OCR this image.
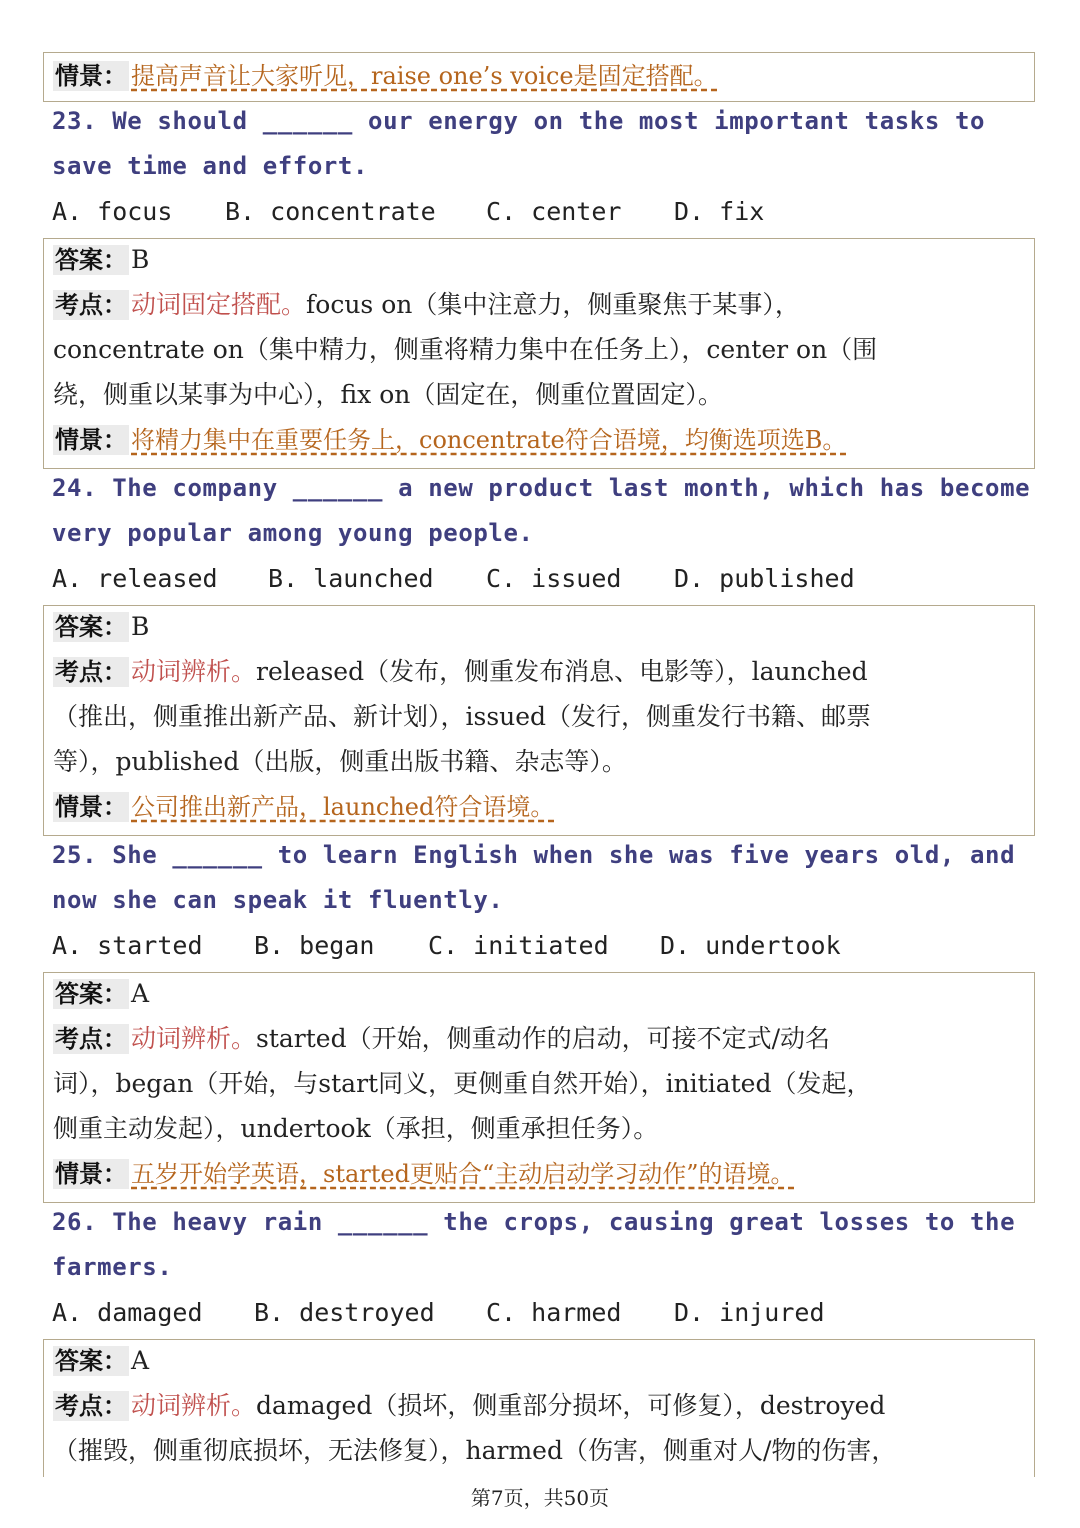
情景： 提高声音让大家听见，raise one’s voice是固定搭配。
23. We should ______ our energy on the most important tasks to
save time and effort.
A. focus B. concentrate C. center D. fix
答案： B
考点： 动词固定搭配。focus on（集中注意力，侧重聚焦于某事），
concentrate on（集中精力，侧重将精力集中在任务上），center on（围
绕，侧重以某事为中心），fix on（固定在，侧重位置固定）。
情景： 将精力集中在重要任务上，concentrate符合语境，均衡选项选B。
24. The company ______ a new product last month, which has become
very popular among young people.
A. released B. launched C. issued D. published
答案： B
考点： 动词辨析。released（发布，侧重发布消息、电影等），launched
（推出，侧重推出新产品、新计划），issued（发行，侧重发行书籍、邮票
等），published（出版，侧重出版书籍、杂志等）。
情景： 公司推出新产品，launched符合语境。
25. She ______ to learn English when she was five years old, and
now she can speak it fluently.
A. started B. began C. initiated D. undertook
答案： A
考点： 动词辨析。started（开始，侧重动作的启动，可接不定式/动名
词），began（开始，与start同义，更侧重自然开始），initiated（发起，
侧重主动发起），undertook（承担，侧重承担任务）。
情景： 五岁开始学英语，started更贴合“主动启动学习动作”的语境。
26. The heavy rain ______ the crops, causing great losses to the
farmers.
A. damaged B. destroyed C. harmed D. injured
答案： A
考点： 动词辨析。damaged（损坏，侧重部分损坏，可修复），destroyed
（摧毁，侧重彻底损坏，无法修复），harmed（伤害，侧重对人/物的伤害，
第7页，共50页
